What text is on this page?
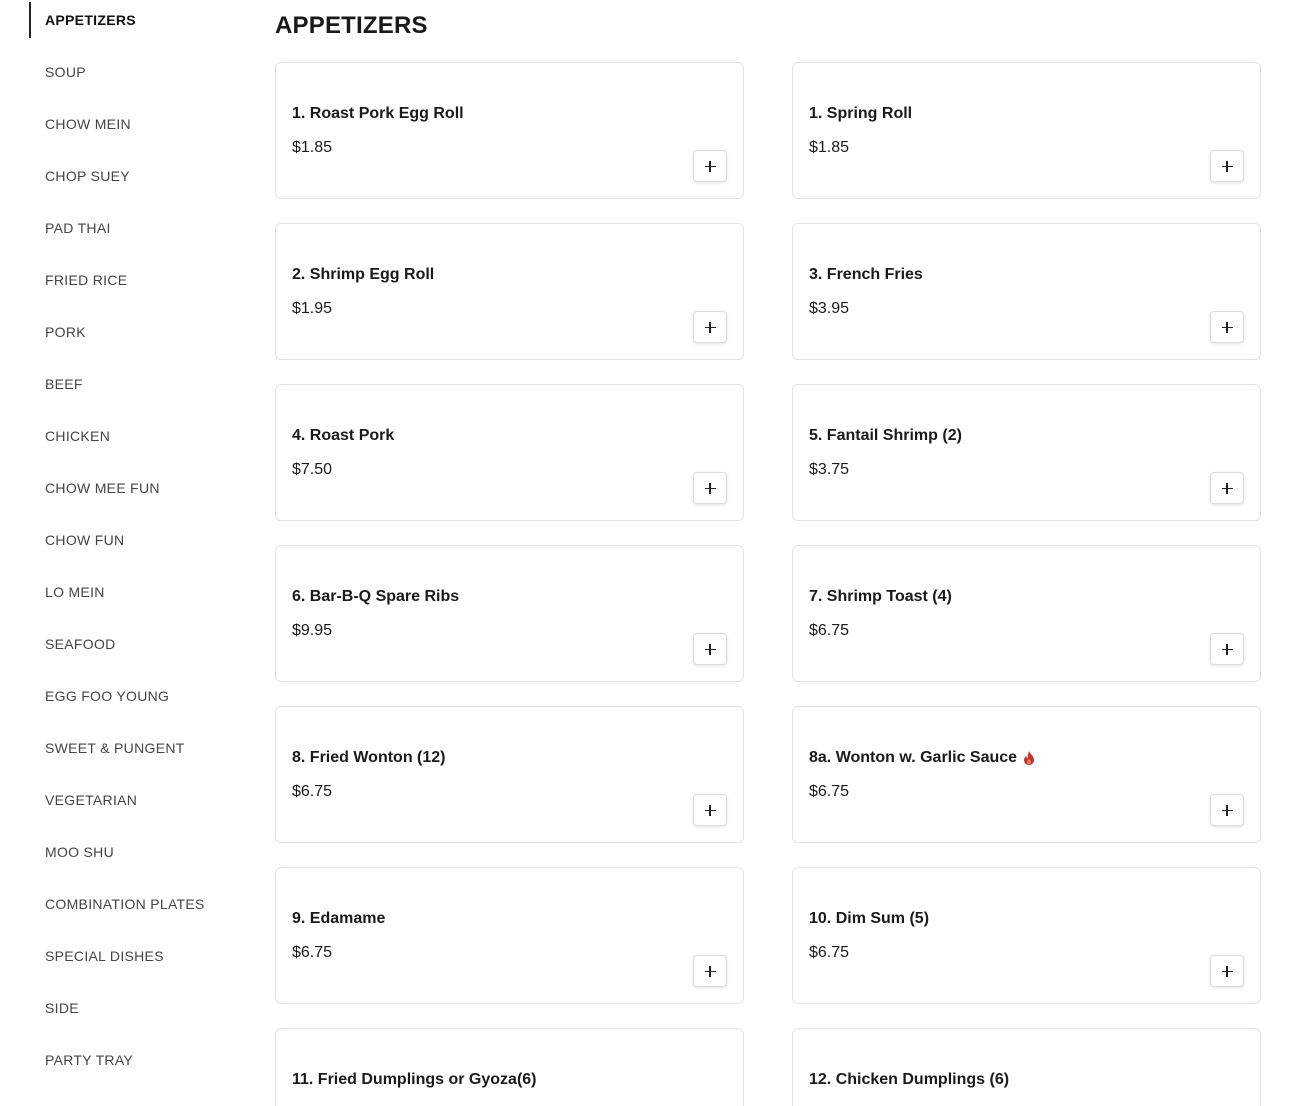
APPETIZERS
SOUP
CHOW MEIN
CHOP SUEY
PAD THAI
FRIED RICE
PORK
BEEF
CHICKEN
CHOW MEE FUN
CHOW FUN
LO MEIN
SEAFOOD
EGG FOO YOUNG
SWEET & PUNGENT
VEGETARIAN
MOO SHU
COMBINATION PLATES
SPECIAL DISHES
SIDE
PARTY TRAY
APPETIZERS
1. Roast Pork Egg Roll
$1.85
1. Spring Roll
$1.85
2. Shrimp Egg Roll
$1.95
3. French Fries
$3.95
4. Roast Pork
$7.50
5. Fantail Shrimp (2)
$3.75
6. Bar-B-Q Spare Ribs
$9.95
7. Shrimp Toast (4)
$6.75
8. Fried Wonton (12)
$6.75
8a. Wonton w. Garlic Sauce
$6.75
9. Edamame
$6.75
10. Dim Sum (5)
$6.75
11. Fried Dumplings or Gyoza(6)	12. Chicken Dumplings (6)
